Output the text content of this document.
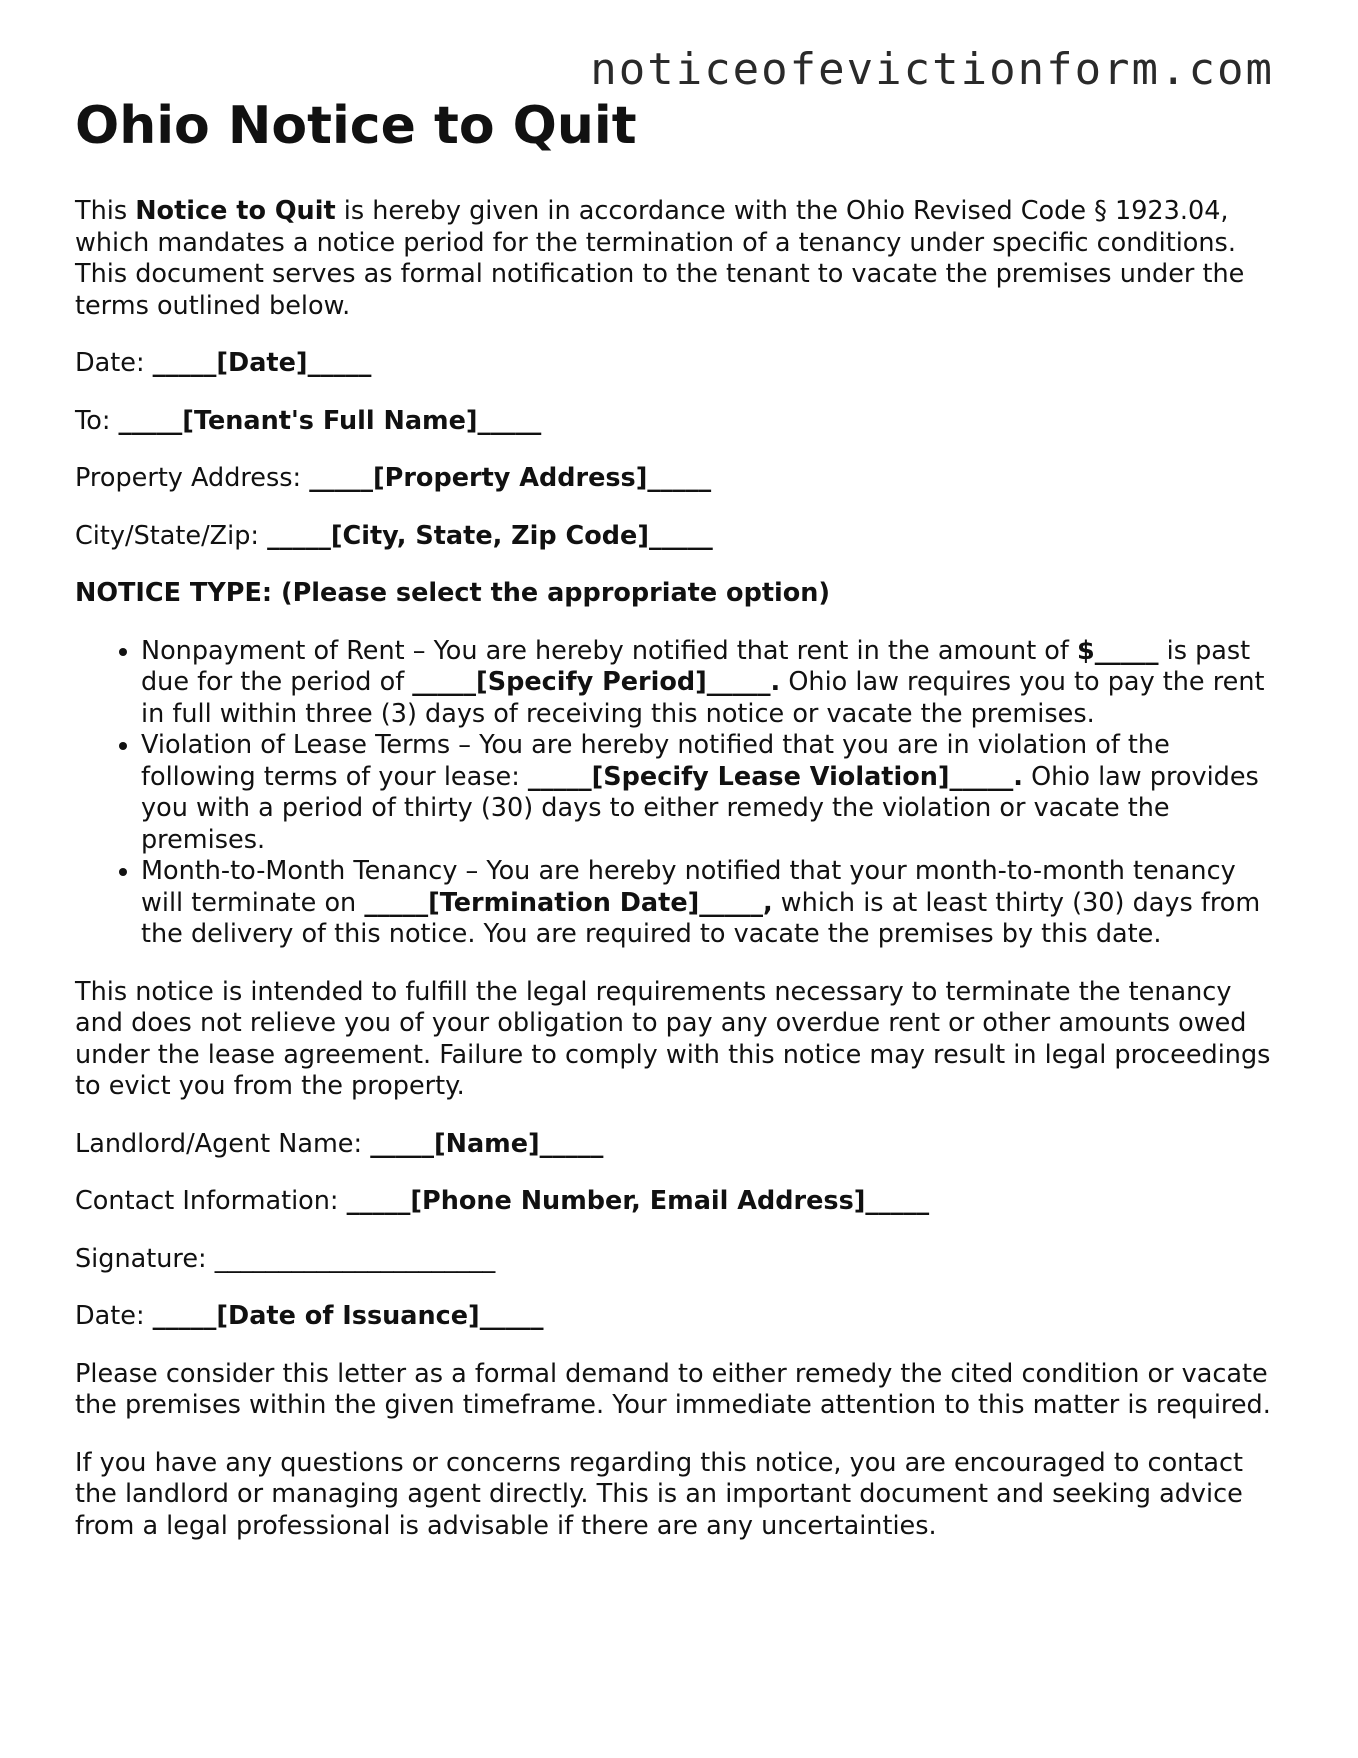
noticeofevictionform.com
Ohio Notice to Quit

This Notice to Quit is hereby given in accordance with the Ohio Revised Code § 1923.04, which mandates a notice period for the termination of a tenancy under specific conditions. This document serves as formal notification to the tenant to vacate the premises under the terms outlined below.

Date: _____[Date]_____
To: _____[Tenant's Full Name]_____
Property Address: _____[Property Address]_____
City/State/Zip: _____[City, State, Zip Code]_____
NOTICE TYPE: (Please select the appropriate option)
• Nonpayment of Rent – You are hereby notified that rent in the amount of $_____ is past due for the period of _____[Specify Period]_____. Ohio law requires you to pay the rent in full within three (3) days of receiving this notice or vacate the premises.
• Violation of Lease Terms – You are hereby notified that you are in violation of the following terms of your lease: _____[Specify Lease Violation]_____. Ohio law provides you with a period of thirty (30) days to either remedy the violation or vacate the premises.
• Month-to-Month Tenancy – You are hereby notified that your month-to-month tenancy will terminate on _____[Termination Date]_____, which is at least thirty (30) days from the delivery of this notice. You are required to vacate the premises by this date.

This notice is intended to fulfill the legal requirements necessary to terminate the tenancy and does not relieve you of your obligation to pay any overdue rent or other amounts owed under the lease agreement. Failure to comply with this notice may result in legal proceedings to evict you from the property.

Landlord/Agent Name: _____[Name]_____
Contact Information: _____[Phone Number, Email Address]_____
Signature: ______________________
Date: _____[Date of Issuance]_____

Please consider this letter as a formal demand to either remedy the cited condition or vacate the premises within the given timeframe. Your immediate attention to this matter is required.

If you have any questions or concerns regarding this notice, you are encouraged to contact the landlord or managing agent directly. This is an important document and seeking advice from a legal professional is advisable if there are any uncertainties.
